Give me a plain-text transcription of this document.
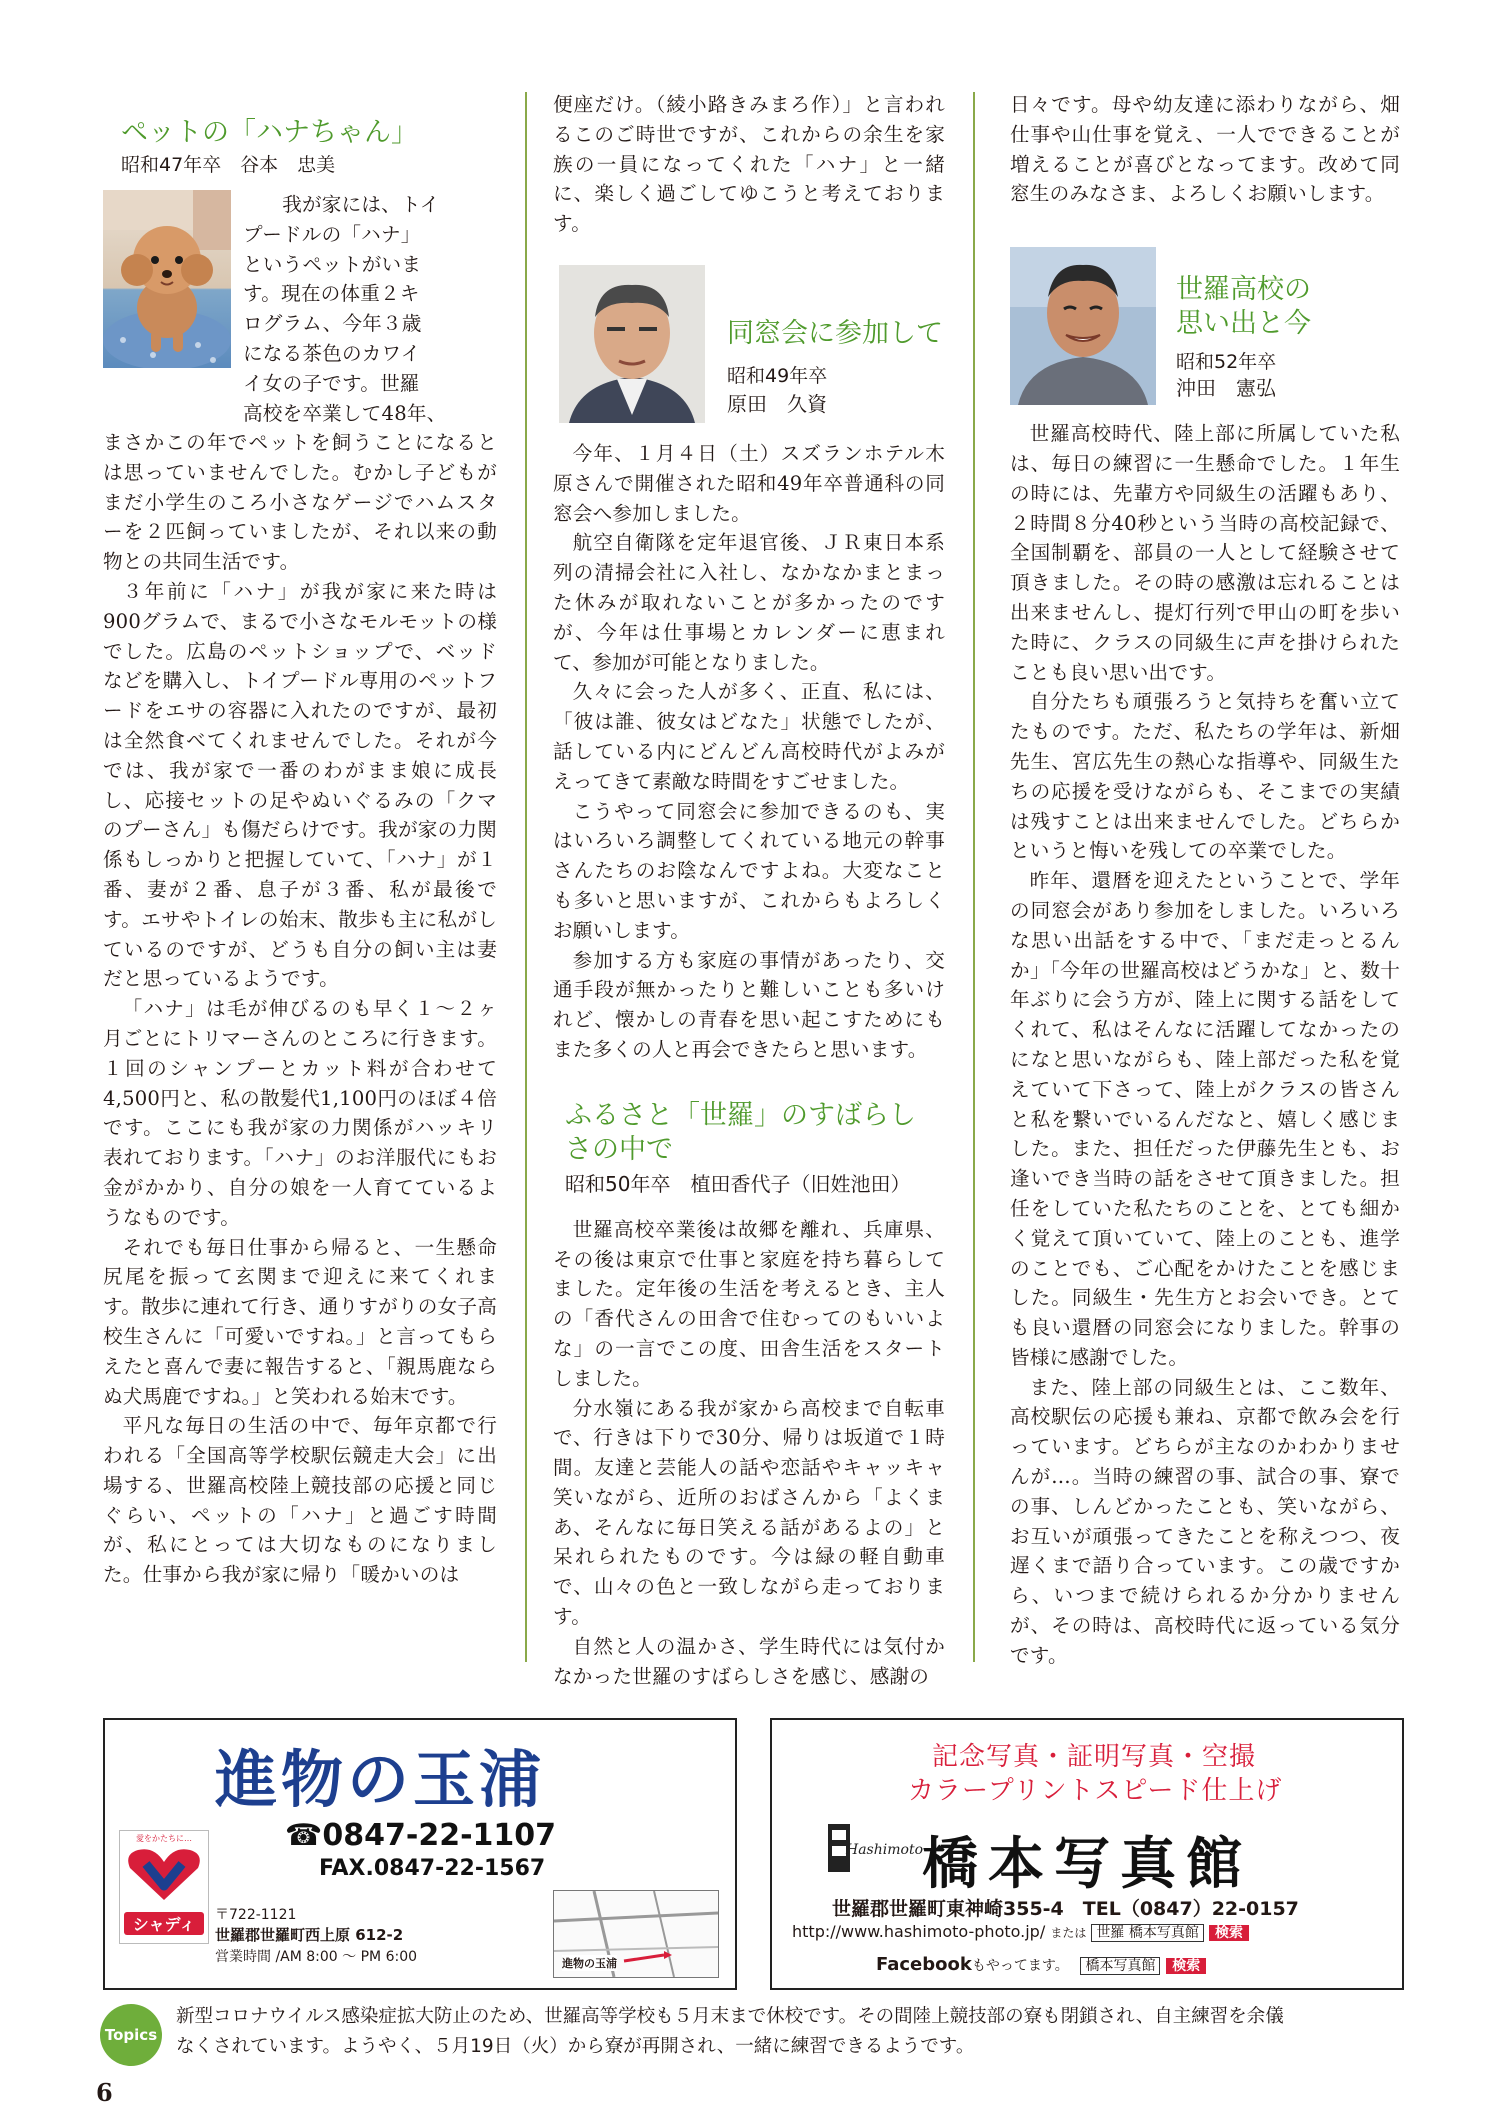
ペットの「ハナちゃん」

昭和47年卒　谷本　忠美

我が家には、トイ

プードルの「ハナ」

というペットがいま

す。現在の体重２キ

ログラム、今年３歳

になる茶色のカワイ

イ女の子です。世羅

高校を卒業して48年、

まさかこの年でペットを飼うことになるとは思っていませんでした。むかし子どもがまだ小学生のころ小さなゲージでハムスターを２匹飼っていましたが、それ以来の動物との共同生活です。

３年前に「ハナ」が我が家に来た時は900グラムで、まるで小さなモルモットの様でした。広島のペットショップで、ベッドなどを購入し、トイプードル専用のペットフードをエサの容器に入れたのですが、最初は全然食べてくれませんでした。それが今では、我が家で一番のわがまま娘に成長し、応接セットの足やぬいぐるみの「クマのプーさん」も傷だらけです。我が家の力関係もしっかりと把握していて、「ハナ」が１番、妻が２番、息子が３番、私が最後です。エサやトイレの始末、散歩も主に私がしているのですが、どうも自分の飼い主は妻だと思っているようです。

「ハナ」は毛が伸びるのも早く１～２ヶ月ごとにトリマーさんのところに行きます。１回のシャンプーとカット料が合わせて4,500円と、私の散髪代1,100円のほぼ４倍です。ここにも我が家の力関係がハッキリ表れております。「ハナ」のお洋服代にもお金がかかり、自分の娘を一人育てているようなものです。

それでも毎日仕事から帰ると、一生懸命尻尾を振って玄関まで迎えに来てくれます。散歩に連れて行き、通りすがりの女子高校生さんに「可愛いですね。」と言ってもらえたと喜んで妻に報告すると、「親馬鹿ならぬ犬馬鹿ですね。」と笑われる始末です。

平凡な毎日の生活の中で、毎年京都で行われる「全国高等学校駅伝競走大会」に出場する、世羅高校陸上競技部の応援と同じぐらい、ペットの「ハナ」と過ごす時間が、私にとっては大切なものになりました。仕事から我が家に帰り「暖かいのは

便座だけ。（綾小路きみまろ作）」と言われるこのご時世ですが、これからの余生を家族の一員になってくれた「ハナ」と一緒に、楽しく過ごしてゆこうと考えております。

同窓会に参加して

昭和49年卒

原田　久資

今年、１月４日（土）スズランホテル木原さんで開催された昭和49年卒普通科の同窓会へ参加しました。

航空自衛隊を定年退官後、ＪＲ東日本系列の清掃会社に入社し、なかなかまとまった休みが取れないことが多かったのですが、今年は仕事場とカレンダーに恵まれて、参加が可能となりました。

久々に会った人が多く、正直、私には、「彼は誰、彼女はどなた」状態でしたが、話している内にどんどん高校時代がよみがえってきて素敵な時間をすごせました。

こうやって同窓会に参加できるのも、実はいろいろ調整してくれている地元の幹事さんたちのお陰なんですよね。大変なことも多いと思いますが、これからもよろしくお願いします。

参加する方も家庭の事情があったり、交通手段が無かったりと難しいことも多いけれど、懐かしの青春を思い起こすためにもまた多くの人と再会できたらと思います。

ふるさと「世羅」のすばらし
さの中で

昭和50年卒　植田香代子（旧姓池田）

世羅高校卒業後は故郷を離れ、兵庫県、その後は東京で仕事と家庭を持ち暮らしてました。定年後の生活を考えるとき、主人の「香代さんの田舎で住むってのもいいよな」の一言でこの度、田舎生活をスタートしました。

分水嶺にある我が家から高校まで自転車で、行きは下りで30分、帰りは坂道で１時間。友達と芸能人の話や恋話やキャッキャ笑いながら、近所のおばさんから「よくまあ、そんなに毎日笑える話があるよの」と呆れられたものです。今は緑の軽自動車で、山々の色と一致しながら走っております。

自然と人の温かさ、学生時代には気付かなかった世羅のすばらしさを感じ、感謝の

日々です。母や幼友達に添わりながら、畑仕事や山仕事を覚え、一人でできることが増えることが喜びとなってます。改めて同窓生のみなさま、よろしくお願いします。

世羅高校の
思い出と今

昭和52年卒

沖田　憲弘

世羅高校時代、陸上部に所属していた私は、毎日の練習に一生懸命でした。１年生の時には、先輩方や同級生の活躍もあり、２時間８分40秒という当時の高校記録で、全国制覇を、部員の一人として経験させて頂きました。その時の感激は忘れることは出来ませんし、提灯行列で甲山の町を歩いた時に、クラスの同級生に声を掛けられたことも良い思い出です。

自分たちも頑張ろうと気持ちを奮い立てたものです。ただ、私たちの学年は、新畑先生、宮広先生の熱心な指導や、同級生たちの応援を受けながらも、そこまでの実績は残すことは出来ませんでした。どちらかというと悔いを残しての卒業でした。

昨年、還暦を迎えたということで、学年の同窓会があり参加をしました。いろいろな思い出話をする中で、「まだ走っとるんか」「今年の世羅高校はどうかな」と、数十年ぶりに会う方が、陸上に関する話をしてくれて、私はそんなに活躍してなかったのになと思いながらも、陸上部だった私を覚えていて下さって、陸上がクラスの皆さんと私を繋いでいるんだなと、嬉しく感じました。また、担任だった伊藤先生とも、お逢いでき当時の話をさせて頂きました。担任をしていた私たちのことを、とても細かく覚えて頂いていて、陸上のことも、進学のことでも、ご心配をかけたことを感じました。同級生・先生方とお会いでき。とても良い還暦の同窓会になりました。幹事の皆様に感謝でした。

また、陸上部の同級生とは、ここ数年、高校駅伝の応援も兼ね、京都で飲み会を行っています。どちらが主なのかわかりませんが…。当時の練習の事、試合の事、寮での事、しんどかったことも、笑いながら、お互いが頑張ってきたことを称えつつ、夜遅くまで語り合っています。この歳ですから、いつまで続けられるか分かりませんが、その時は、高校時代に返っている気分です。

進物の玉浦
☎0847-22-1107
FAX.0847-22-1567
愛をかたちに…
シャディ	〒722-1121
世羅郡世羅町西上原 612-2
営業時間 /AM 8:00 ～ PM 6:00	進物の玉浦
記念写真・証明写真・空撮
カラープリントスピード仕上げ
Hashimoto 橋本写真館
世羅郡世羅町東神崎355-4　TEL（0847）22-0157
http://www.hashimoto-photo.jp/ または 世羅 橋本写真館 検索
Facebookもやってます。 橋本写真館 検索
Topics
新型コロナウイルス感染症拡大防止のため、世羅高等学校も５月末まで休校です。その間陸上競技部の寮も閉鎖され、自主練習を余儀
なくされています。ようやく、５月19日（火）から寮が再開され、一緒に練習できるようです。
6
